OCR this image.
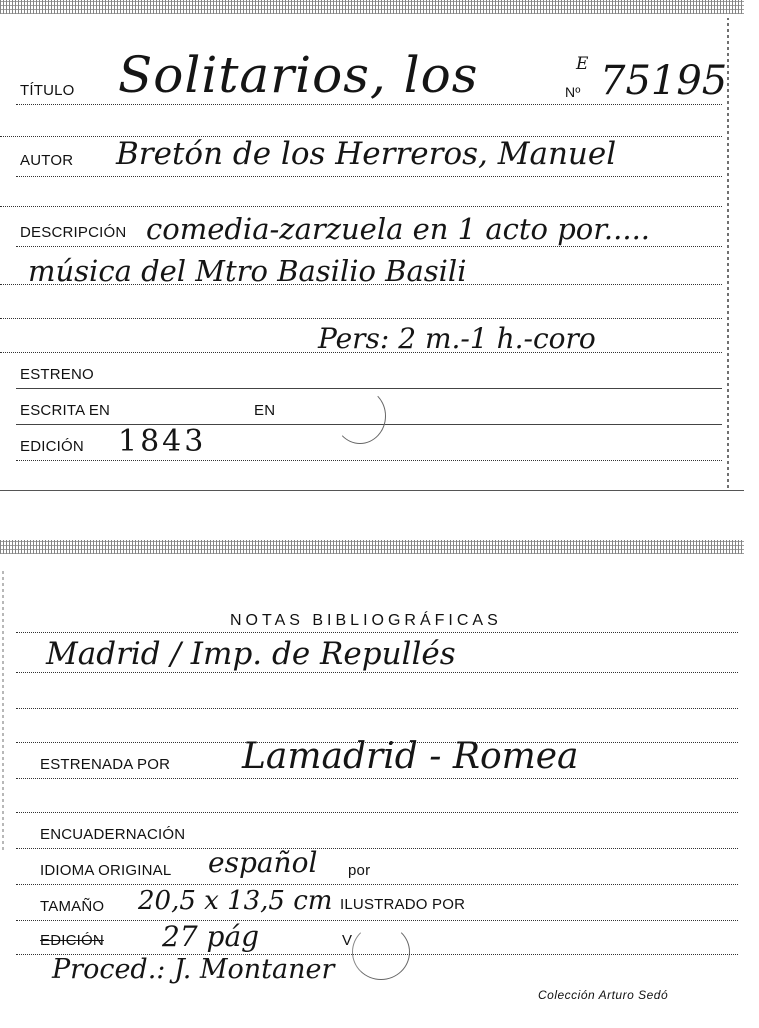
TÍTULO Solitarios, los	E
Nº 75195
AUTOR Bretón de los Herreros, Manuel
DESCRIPCIÓN comedia-zarzuela en 1 acto por.....
música del Mtro Basilio Basili
Pers: 2 m.-1 h.-coro
ESTRENO
ESCRITA EN	EN
EDICIÓN 1843
NOTAS BIBLIOGRÁFICAS
Madrid / Imp. de Repullés
ESTRENADA POR Lamadrid - Romea
ENCUADERNACIÓN
IDIOMA ORIGINAL español por
TAMAÑO 20,5 x 13,5 cm ILUSTRADO POR
EDICIÓN 27 pág	V
Proced.: J. Montaner
Colección Arturo Sedó
